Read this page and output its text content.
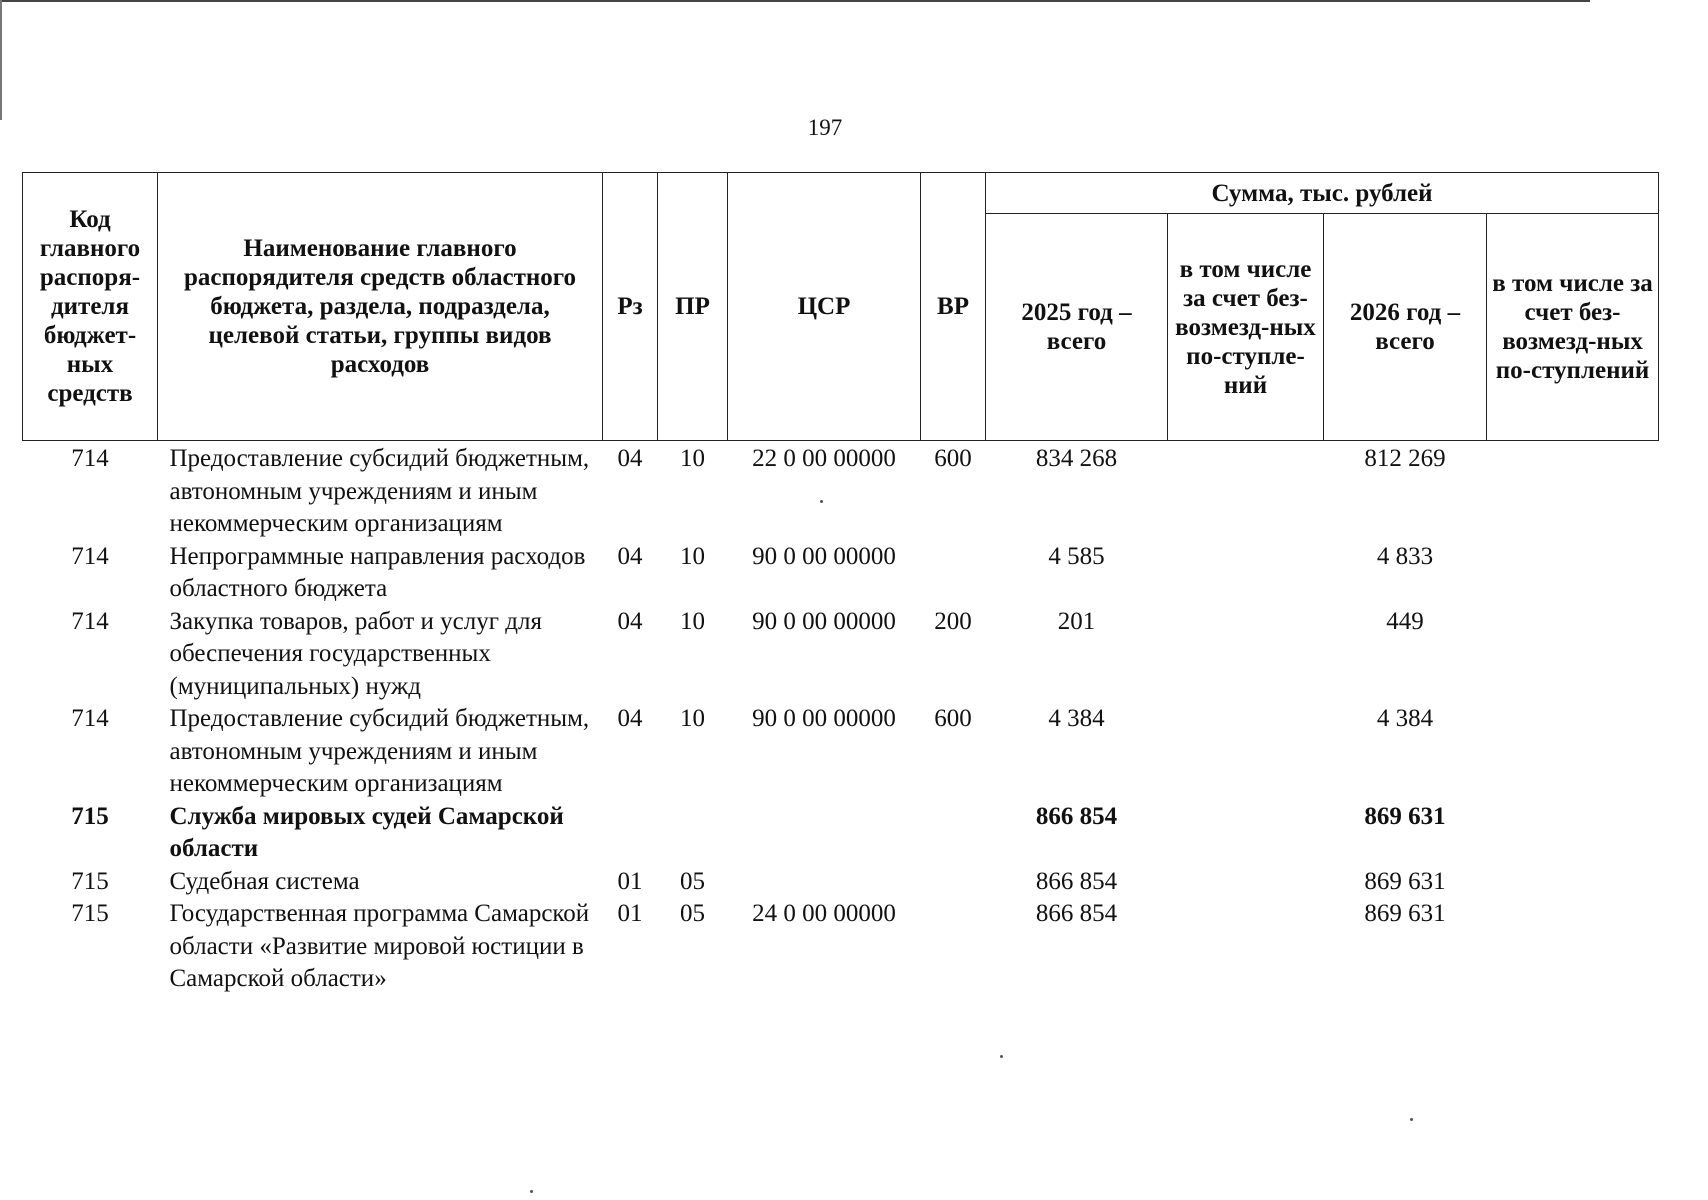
197
Код главного распоря-дителя бюджет-ных средств	Наименование главного распорядителя средств областного бюджета, раздела, подраздела, целевой статьи, группы видов расходов	Рз	ПР	ЦСР	ВР	Сумма, тыс. рублей			
						2025 год – всего	в том числе за счет без-возмезд-ных по-ступле-ний	2026 год – всего	в том числе за счет без-возмезд-ных по-ступлений
714	Предоставление субсидий бюджетным, автономным учреждениям и иным некоммерческим организациям	04	10	22 0 00 00000	600	834 268		812 269	
714	Непрограммные направления расходов областного бюджета	04	10	90 0 00 00000		4 585		4 833	
714	Закупка товаров, работ и услуг для обеспечения государственных (муниципальных) нужд	04	10	90 0 00 00000	200	201		449	
714	Предоставление субсидий бюджетным, автономным учреждениям и иным некоммерческим организациям	04	10	90 0 00 00000	600	4 384		4 384	
715	Служба мировых судей Самарской области					866 854		869 631	
715	Судебная система	01	05			866 854		869 631	
715	Государственная программа Самарской области «Развитие мировой юстиции в Самарской области»	01	05	24 0 00 00000		866 854		869 631	
